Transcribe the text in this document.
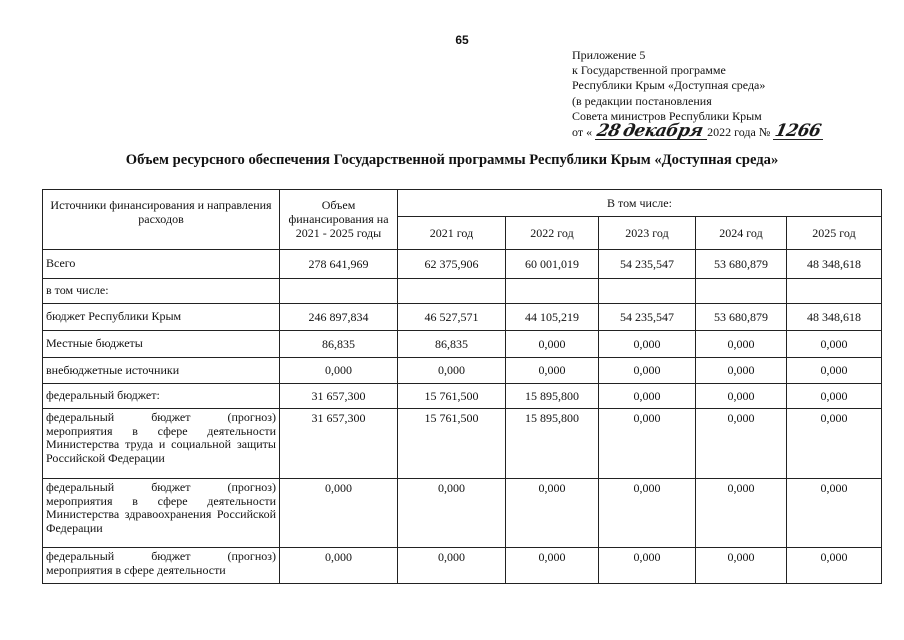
65
Приложение 5
к Государственной программе
Республики Крым «Доступная среда»
(в редакции постановления
Совета министров Республики Крым
от « 28 декабря 2022 года № 1266
Объем ресурсного обеспечения Государственной программы Республики Крым «Доступная среда»
Источники финансирования и направления расходов	Объем финансирования на 2021 - 2025 годы	В том числе:				
		2021 год	2022 год	2023 год	2024 год	2025 год
Всего	278 641,969	62 375,906	60 001,019	54 235,547	53 680,879	48 348,618
в том числе:						
бюджет Республики Крым	246 897,834	46 527,571	44 105,219	54 235,547	53 680,879	48 348,618
Местные бюджеты	86,835	86,835	0,000	0,000	0,000	0,000
внебюджетные источники	0,000	0,000	0,000	0,000	0,000	0,000
федеральный бюджет:	31 657,300	15 761,500	15 895,800	0,000	0,000	0,000
федеральный бюджет (прогноз) мероприятия в сфере деятельности Министерства труда и социальной защиты Российской Федерации	31 657,300	15 761,500	15 895,800	0,000	0,000	0,000
федеральный бюджет (прогноз) мероприятия в сфере деятельности Министерства здравоохранения Российской Федерации	0,000	0,000	0,000	0,000	0,000	0,000
федеральный бюджет (прогноз) мероприятия в сфере деятельности	0,000	0,000	0,000	0,000	0,000	0,000
